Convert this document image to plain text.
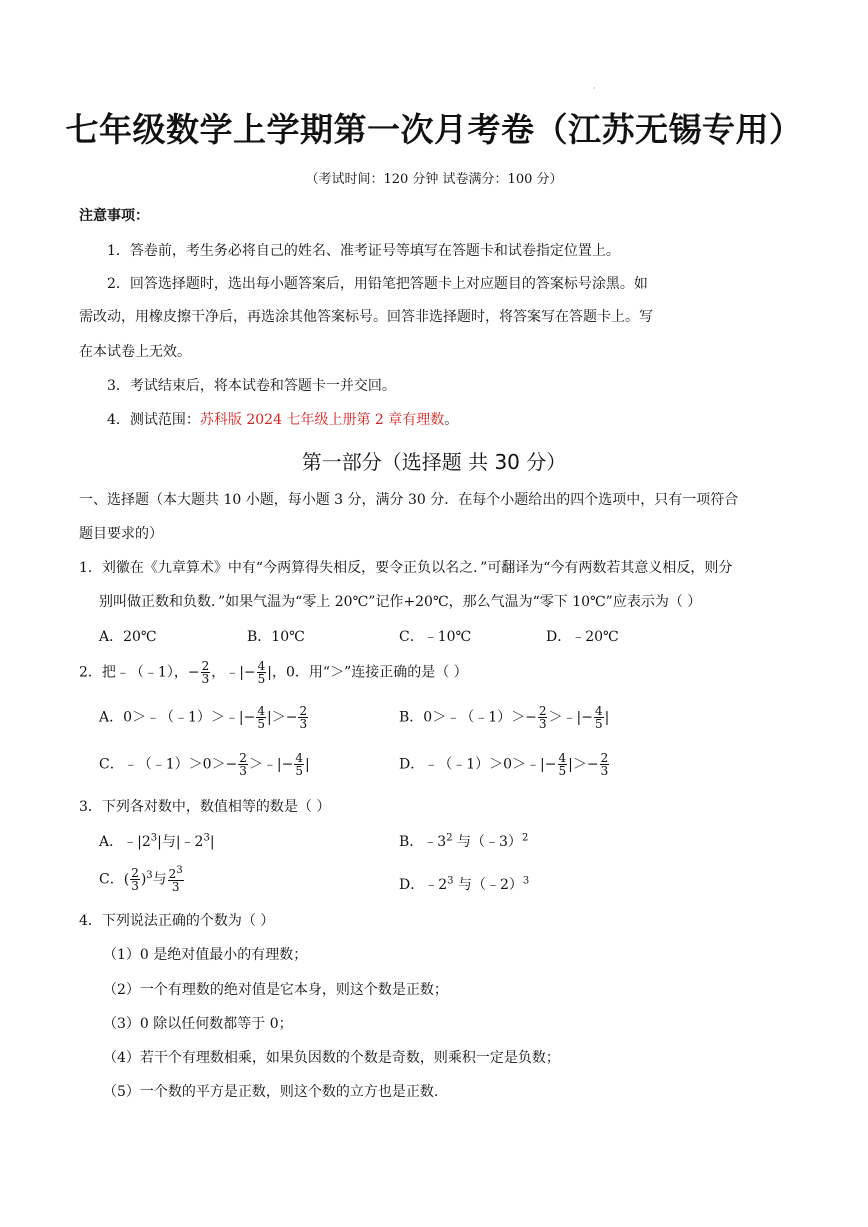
·
七年级数学上学期第一次月考卷（江苏无锡专用）
（考试时间：120 分钟 试卷满分：100 分）
注意事项：
1．答卷前，考生务必将自己的姓名、准考证号等填写在答题卡和试卷指定位置上。
2．回答选择题时，选出每小题答案后，用铅笔把答题卡上对应题目的答案标号涂黑。如
需改动，用橡皮擦干净后，再选涂其他答案标号。回答非选择题时，将答案写在答题卡上。写
在本试卷上无效。
3．考试结束后，将本试卷和答题卡一并交回。
4．测试范围：苏科版 2024 七年级上册第 2 章有理数。
第一部分（选择题 共 30 分）
一、选择题（本大题共 10 小题，每小题 3 分，满分 30 分．在每个小题给出的四个选项中，只有一项符合
题目要求的）
1．刘徽在《九章算术》中有“今两算得失相反，要令正负以名之．”可翻译为“今有两数若其意义相反，则分
别叫做正数和负数．”如果气温为“零上 20℃”记作+20℃，那么气温为“零下 10℃”应表示为（ ）
A．20℃	B．10℃	C．﹣10℃	D．﹣20℃
2．把﹣（﹣1），− $\frac{2}{3}$ ，﹣|− $\frac{4}{5}$ |，0．用“＞”连接正确的是（ ）
A．0＞﹣（﹣1）＞﹣|− $\frac{4}{5}$ |＞− $\frac{2}{3}$	B．0＞﹣（﹣1）＞− $\frac{2}{3}$ ＞﹣|− $\frac{4}{5}$ |
C．﹣（﹣1）＞0＞− $\frac{2}{3}$ ＞﹣|− $\frac{4}{5}$ |	D．﹣（﹣1）＞0＞﹣|− $\frac{4}{5}$ |＞− $\frac{2}{3}$
3．下列各对数中，数值相等的数是（ ）
A．$﹣|2^3|$与$|﹣2^3|$	B．$﹣3^2$ 与（﹣3）$^2$
C．( $\frac{2}{3} )^3$与 $\frac{2^3}{3}$	D．$﹣2^3$ 与（﹣2）$^3$
4．下列说法正确的个数为（ ）
（1）0 是绝对值最小的有理数；
（2）一个有理数的绝对值是它本身，则这个数是正数；
（3）0 除以任何数都等于 0；
（4）若干个有理数相乘，如果负因数的个数是奇数，则乘积一定是负数；
（5）一个数的平方是正数，则这个数的立方也是正数.
